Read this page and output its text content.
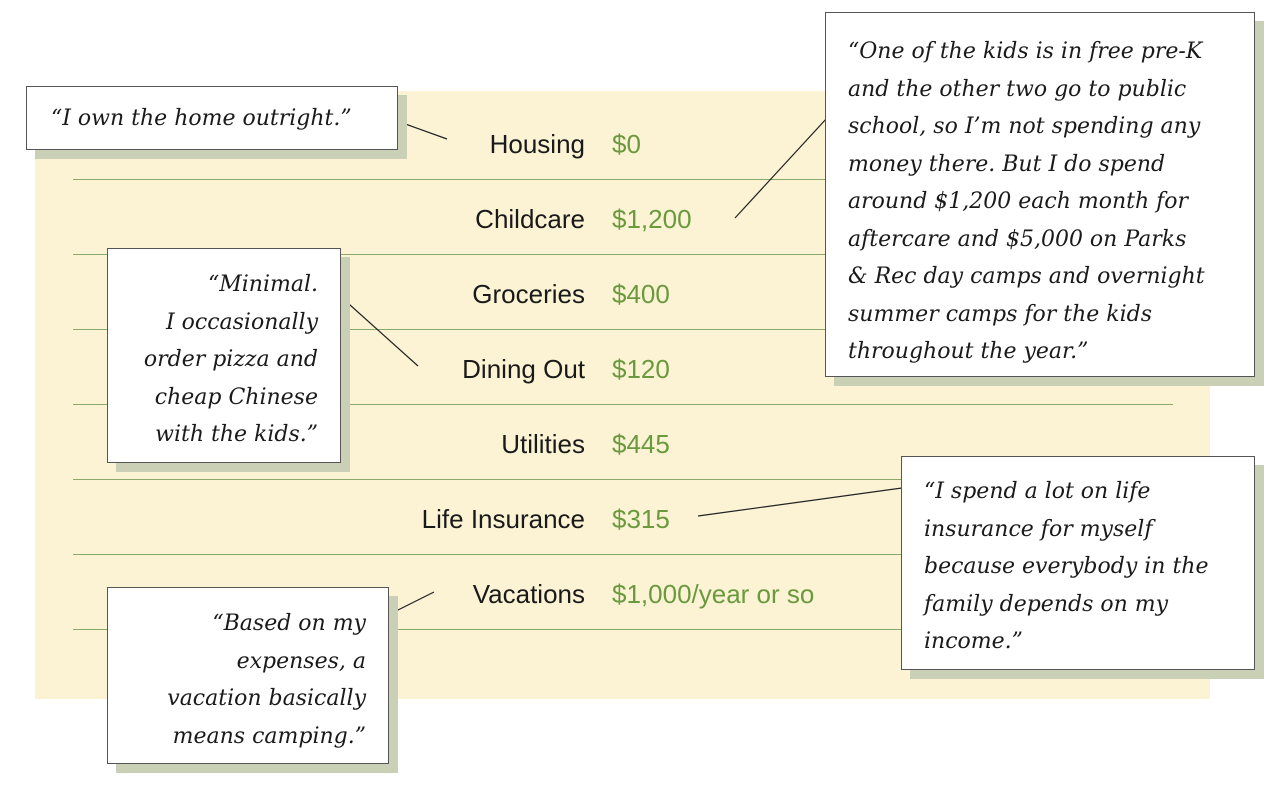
Housing $0
Childcare $1,200
Groceries $400
Dining Out $120
Utilities $445
Life Insurance $315
Vacations $1,000/year or so
“I own the home outright.”
“One of the kids is in free pre-K
and the other two go to public
school, so I’m not spending any
money there. But I do spend
around $1,200 each month for
aftercare and $5,000 on Parks
& Rec day camps and overnight
summer camps for the kids
throughout the year.”
“Minimal.
I occasionally
order pizza and
cheap Chinese
with the kids.”
“I spend a lot on life
insurance for myself
because everybody in the
family depends on my
income.”
“Based on my
expenses, a
vacation basically
means camping.”
